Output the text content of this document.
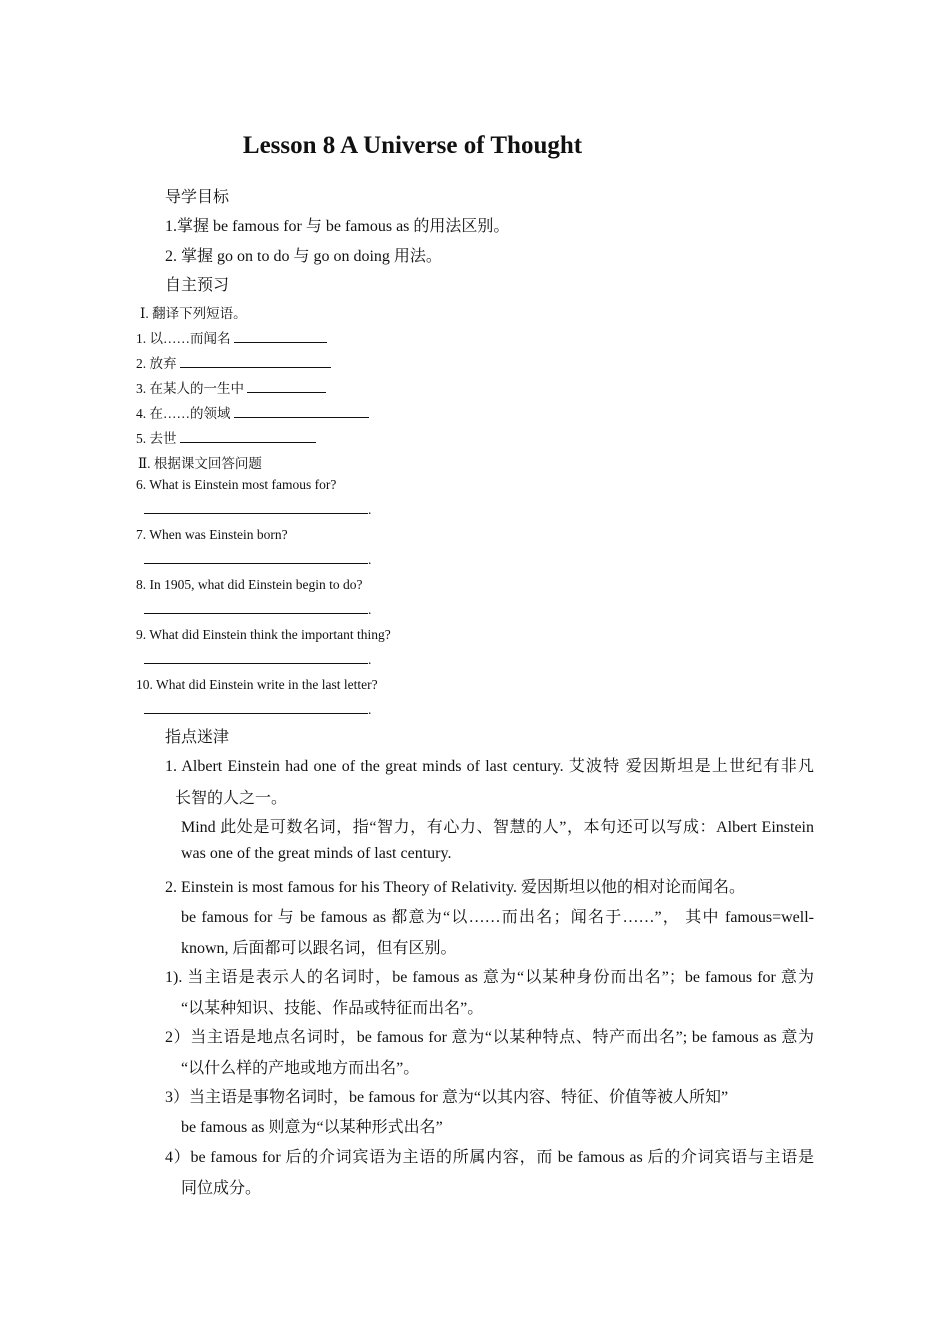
Lesson 8 A Universe of Thought
导学目标
1.掌握 be famous for 与 be famous as 的用法区别。
2. 掌握 go on to do 与 go on doing 用法。
自主预习
Ⅰ. 翻译下列短语。
1. 以……而闻名
2. 放弃
3. 在某人的一生中
4. 在……的领域
5. 去世
Ⅱ. 根据课文回答问题
6. What is Einstein most famous for?
.
7. When was Einstein born?
.
8. In 1905, what did Einstein begin to do?
.
9. What did Einstein think the important thing?
.
10. What did Einstein write in the last letter?
.
指点迷津
1. Albert Einstein had one of the great minds of last century. 艾波特 爱因斯坦是上世纪有非凡
长智的人之一。
Mind 此处是可数名词，指“智力，有心力、智慧的人”，本句还可以写成：Albert Einstein
was one of the great minds of last century.
2. Einstein is most famous for his Theory of Relativity. 爱因斯坦以他的相对论而闻名。
be famous for 与 be famous as 都意为“以……而出名；闻名于……”， 其中 famous=well-
known, 后面都可以跟名词，但有区别。
1). 当主语是表示人的名词时，be famous as 意为“以某种身份而出名”；be famous for 意为
“以某种知识、技能、作品或特征而出名”。
2）当主语是地点名词时，be famous for 意为“以某种特点、特产而出名”; be famous as 意为
“以什么样的产地或地方而出名”。
3）当主语是事物名词时，be famous for 意为“以其内容、特征、价值等被人所知”
be famous as 则意为“以某种形式出名”
4）be famous for 后的介词宾语为主语的所属内容，而 be famous as 后的介词宾语与主语是
同位成分。
